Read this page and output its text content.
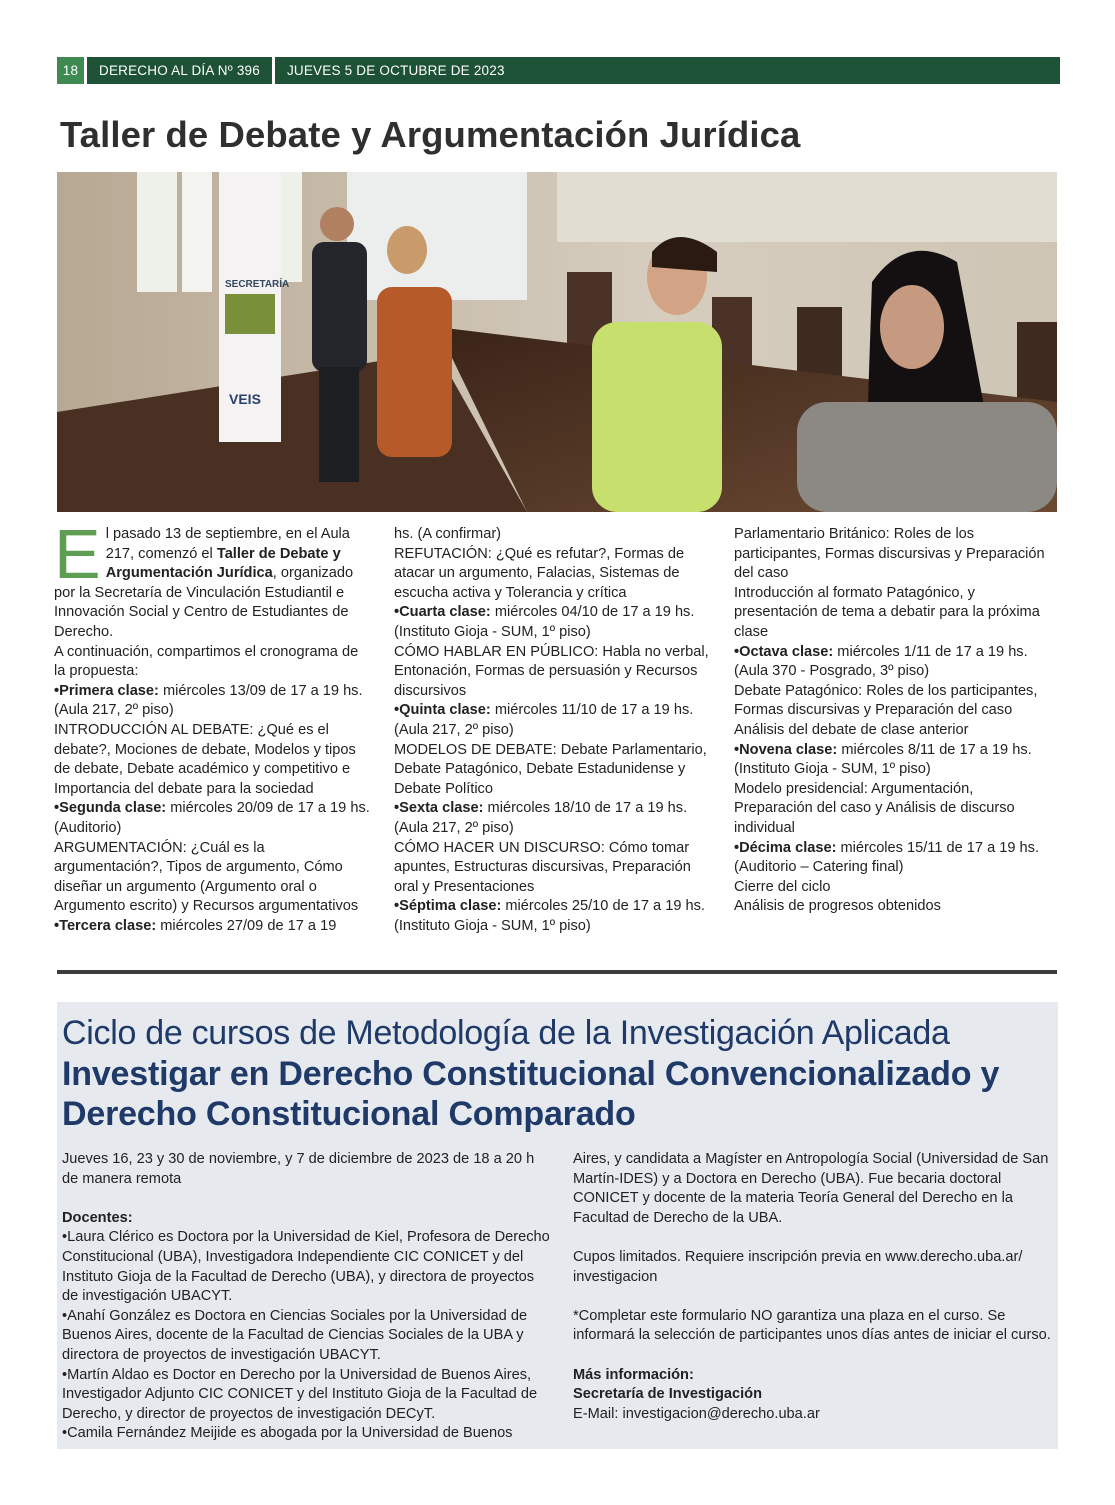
18	DERECHO AL DÍA Nº 396	JUEVES 5 DE OCTUBRE DE 2023
Taller de Debate y Argumentación Jurídica
SECRETARÍA
VEIS

El pasado 13 de septiembre, en el Aula 217, comenzó el Taller de Debate y Argumentación Jurídica, organizado por la Secretaría de Vinculación Estudiantil e Innovación Social y Centro de Estudiantes de Derecho.

A continuación, compartimos el cronograma de la propuesta:

•Primera clase: miércoles 13/09 de 17 a 19 hs. (Aula 217, 2º piso)

INTRODUCCIÓN AL DEBATE: ¿Qué es el debate?, Mociones de debate, Modelos y tipos de debate, Debate académico y competitivo e Importancia del debate para la sociedad

•Segunda clase: miércoles 20/09 de 17 a 19 hs. (Auditorio)

ARGUMENTACIÓN: ¿Cuál es la argumentación?, Tipos de argumento, Cómo diseñar un argumento (Argumento oral o Argumento escrito) y Recursos argumentativos

•Tercera clase: miércoles 27/09 de 17 a 19

hs. (A confirmar)

REFUTACIÓN: ¿Qué es refutar?, Formas de atacar un argumento, Falacias, Sistemas de escucha activa y Tolerancia y crítica

•Cuarta clase: miércoles 04/10 de 17 a 19 hs. (Instituto Gioja - SUM, 1º piso)

CÓMO HABLAR EN PÚBLICO: Habla no verbal, Entonación, Formas de persuasión y Recursos discursivos

•Quinta clase: miércoles 11/10 de 17 a 19 hs. (Aula 217, 2º piso)

MODELOS DE DEBATE: Debate Parlamentario, Debate Patagónico, Debate Estadunidense y Debate Político

•Sexta clase: miércoles 18/10 de 17 a 19 hs. (Aula 217, 2º piso)

CÓMO HACER UN DISCURSO: Cómo tomar apuntes, Estructuras discursivas, Preparación oral y Presentaciones

•Séptima clase: miércoles 25/10 de 17 a 19 hs. (Instituto Gioja - SUM, 1º piso)

Parlamentario Británico: Roles de los participantes, Formas discursivas y Preparación del caso

Introducción al formato Patagónico, y presentación de tema a debatir para la próxima clase

•Octava clase: miércoles 1/11 de 17 a 19 hs. (Aula 370 - Posgrado, 3º piso)

Debate Patagónico: Roles de los participantes, Formas discursivas y Preparación del caso

Análisis del debate de clase anterior

•Novena clase: miércoles 8/11 de 17 a 19 hs. (Instituto Gioja - SUM, 1º piso)

Modelo presidencial: Argumentación, Preparación del caso y Análisis de discurso individual

•Décima clase: miércoles 15/11 de 17 a 19 hs. (Auditorio – Catering final)

Cierre del ciclo

Análisis de progresos obtenidos

Ciclo de cursos de Metodología de la Investigación Aplicada
Investigar en Derecho Constitucional Convencionalizado y Derecho Constitucional Comparado

Jueves 16, 23 y 30 de noviembre, y 7 de diciembre de 2023 de 18 a 20 h de manera remota

Docentes:

•Laura Clérico es Doctora por la Universidad de Kiel, Profesora de Derecho Constitucional (UBA), Investigadora Independiente CIC CONICET y del Instituto Gioja de la Facultad de Derecho (UBA), y directora de proyectos de investigación UBACYT.

•Anahí González es Doctora en Ciencias Sociales por la Universidad de Buenos Aires, docente de la Facultad de Ciencias Sociales de la UBA y directora de proyectos de investigación UBACYT.

•Martín Aldao es Doctor en Derecho por la Universidad de Buenos Aires, Investigador Adjunto CIC CONICET y del Instituto Gioja de la Facultad de Derecho, y director de proyectos de investigación DECyT.

•Camila Fernández Meijide es abogada por la Universidad de Buenos

Aires, y candidata a Magíster en Antropología Social (Universidad de San Martín-IDES) y a Doctora en Derecho (UBA). Fue becaria doctoral CONICET y docente de la materia Teoría General del Derecho en la Facultad de Derecho de la UBA.

Cupos limitados. Requiere inscripción previa en www.derecho.uba.ar/ investigacion

*Completar este formulario NO garantiza una plaza en el curso. Se informará la selección de participantes unos días antes de iniciar el curso.

Más información:

Secretaría de Investigación

E-Mail: investigacion@derecho.uba.ar
